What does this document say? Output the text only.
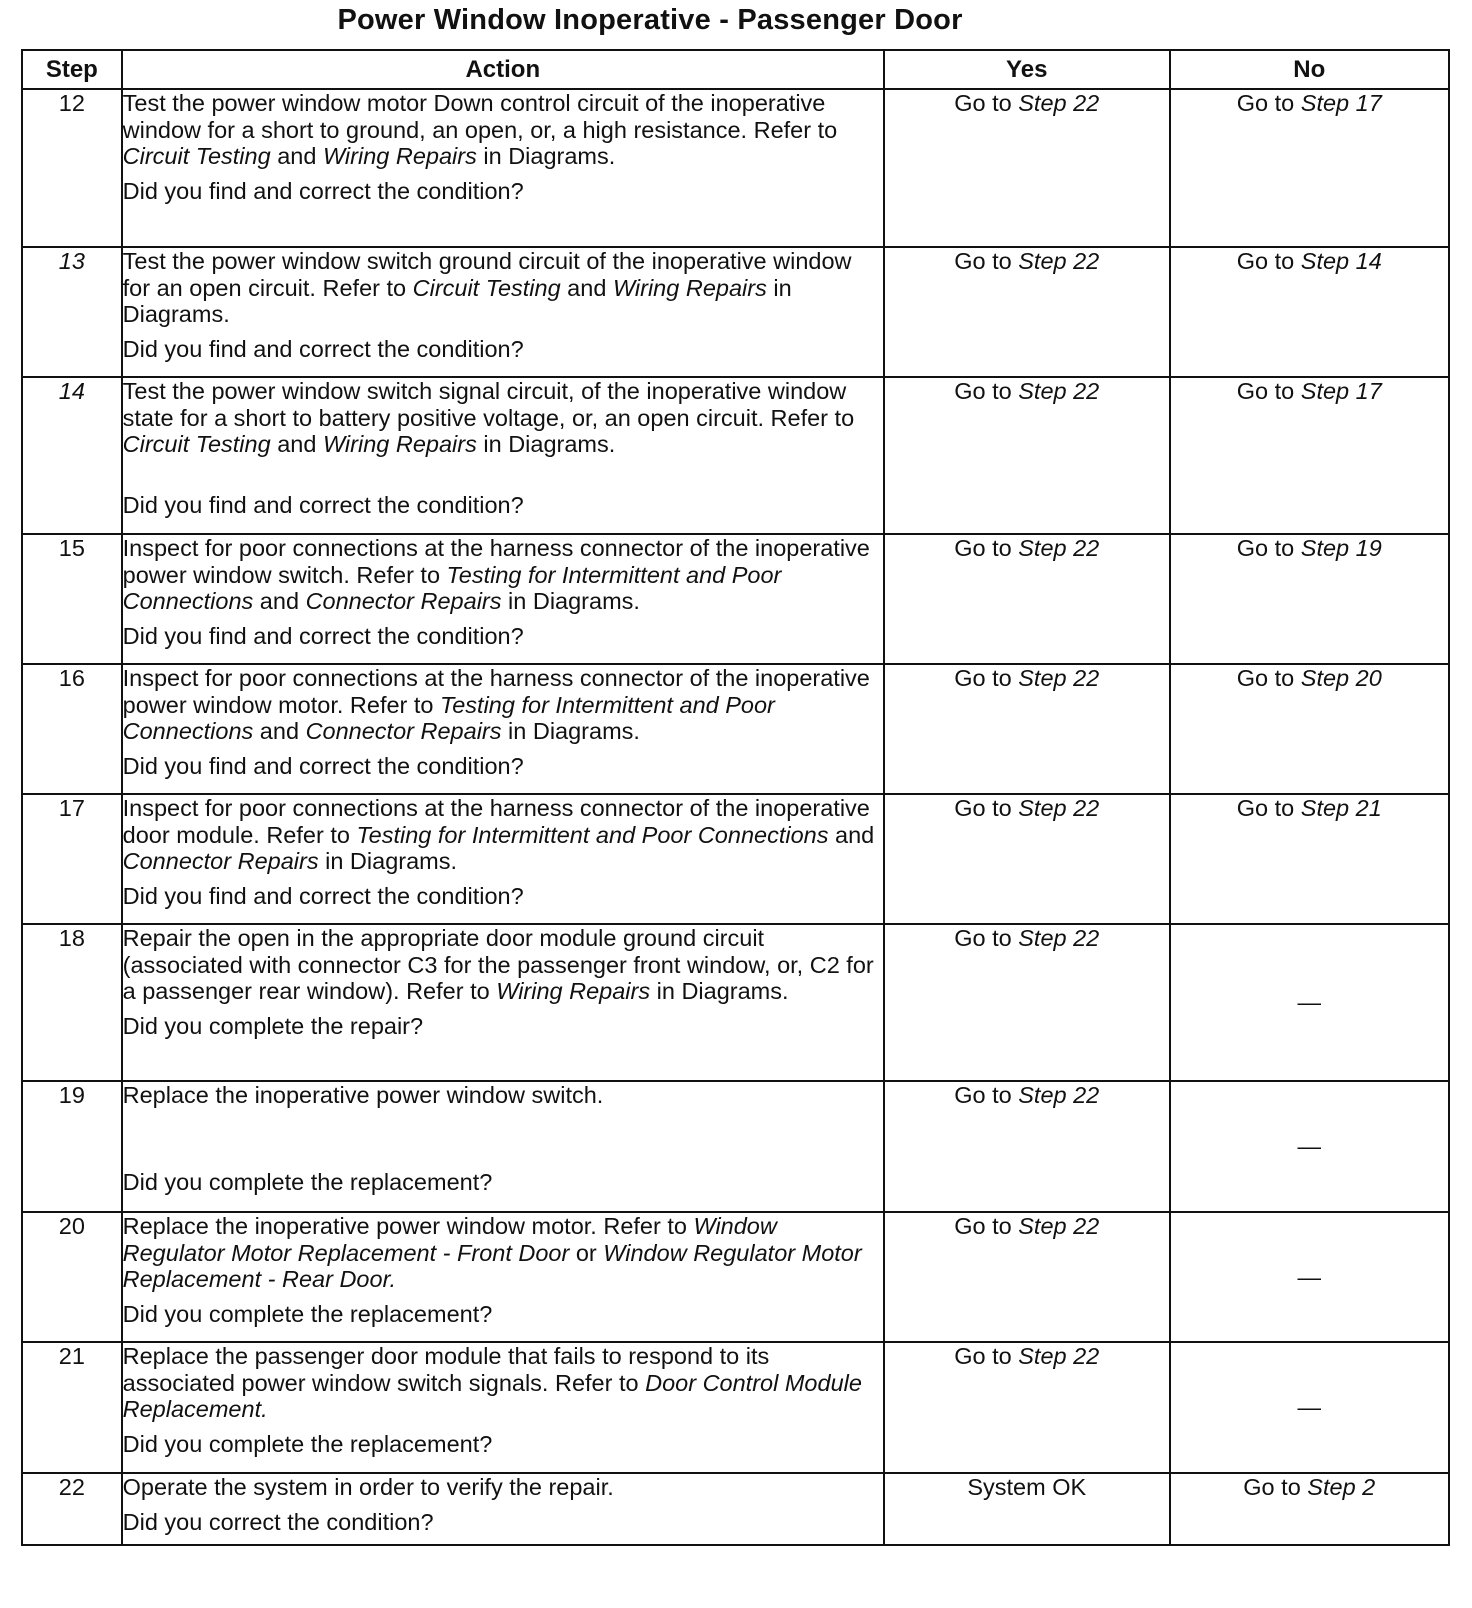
Power Window Inoperative - Passenger Door
Step	Action	Yes	No
12	Test the power window motor Down control circuit of the inoperative window for a short to ground, an open, or, a high resistance. Refer to Circuit Testing and Wiring Repairs in Diagrams.
Did you find and correct the condition?	Go to Step 22	Go to Step 17
13	Test the power window switch ground circuit of the inoperative window for an open circuit. Refer to Circuit Testing and Wiring Repairs in Diagrams.
Did you find and correct the condition?	Go to Step 22	Go to Step 14
14	Test the power window switch signal circuit, of the inoperative window state for a short to battery positive voltage, or, an open circuit. Refer to Circuit Testing and Wiring Repairs in Diagrams.
Did you find and correct the condition?	Go to Step 22	Go to Step 17
15	Inspect for poor connections at the harness connector of the inoperative power window switch. Refer to Testing for Intermittent and Poor Connections and Connector Repairs in Diagrams.
Did you find and correct the condition?	Go to Step 22	Go to Step 19
16	Inspect for poor connections at the harness connector of the inoperative power window motor. Refer to Testing for Intermittent and Poor Connections and Connector Repairs in Diagrams.
Did you find and correct the condition?	Go to Step 22	Go to Step 20
17	Inspect for poor connections at the harness connector of the inoperative door module. Refer to Testing for Intermittent and Poor Connections and Connector Repairs in Diagrams.
Did you find and correct the condition?	Go to Step 22	Go to Step 21
18	Repair the open in the appropriate door module ground circuit (associated with connector C3 for the passenger front window, or, C2 for a passenger rear window). Refer to Wiring Repairs in Diagrams.
Did you complete the repair?	Go to Step 22	—
19	Replace the inoperative power window switch.
Did you complete the replacement?	Go to Step 22	—
20	Replace the inoperative power window motor. Refer to Window Regulator Motor Replacement - Front Door or Window Regulator Motor Replacement - Rear Door.
Did you complete the replacement?	Go to Step 22	—
21	Replace the passenger door module that fails to respond to its associated power window switch signals. Refer to Door Control Module Replacement.
Did you complete the replacement?	Go to Step 22	—
22	Operate the system in order to verify the repair.
Did you correct the condition?	System OK	Go to Step 2
